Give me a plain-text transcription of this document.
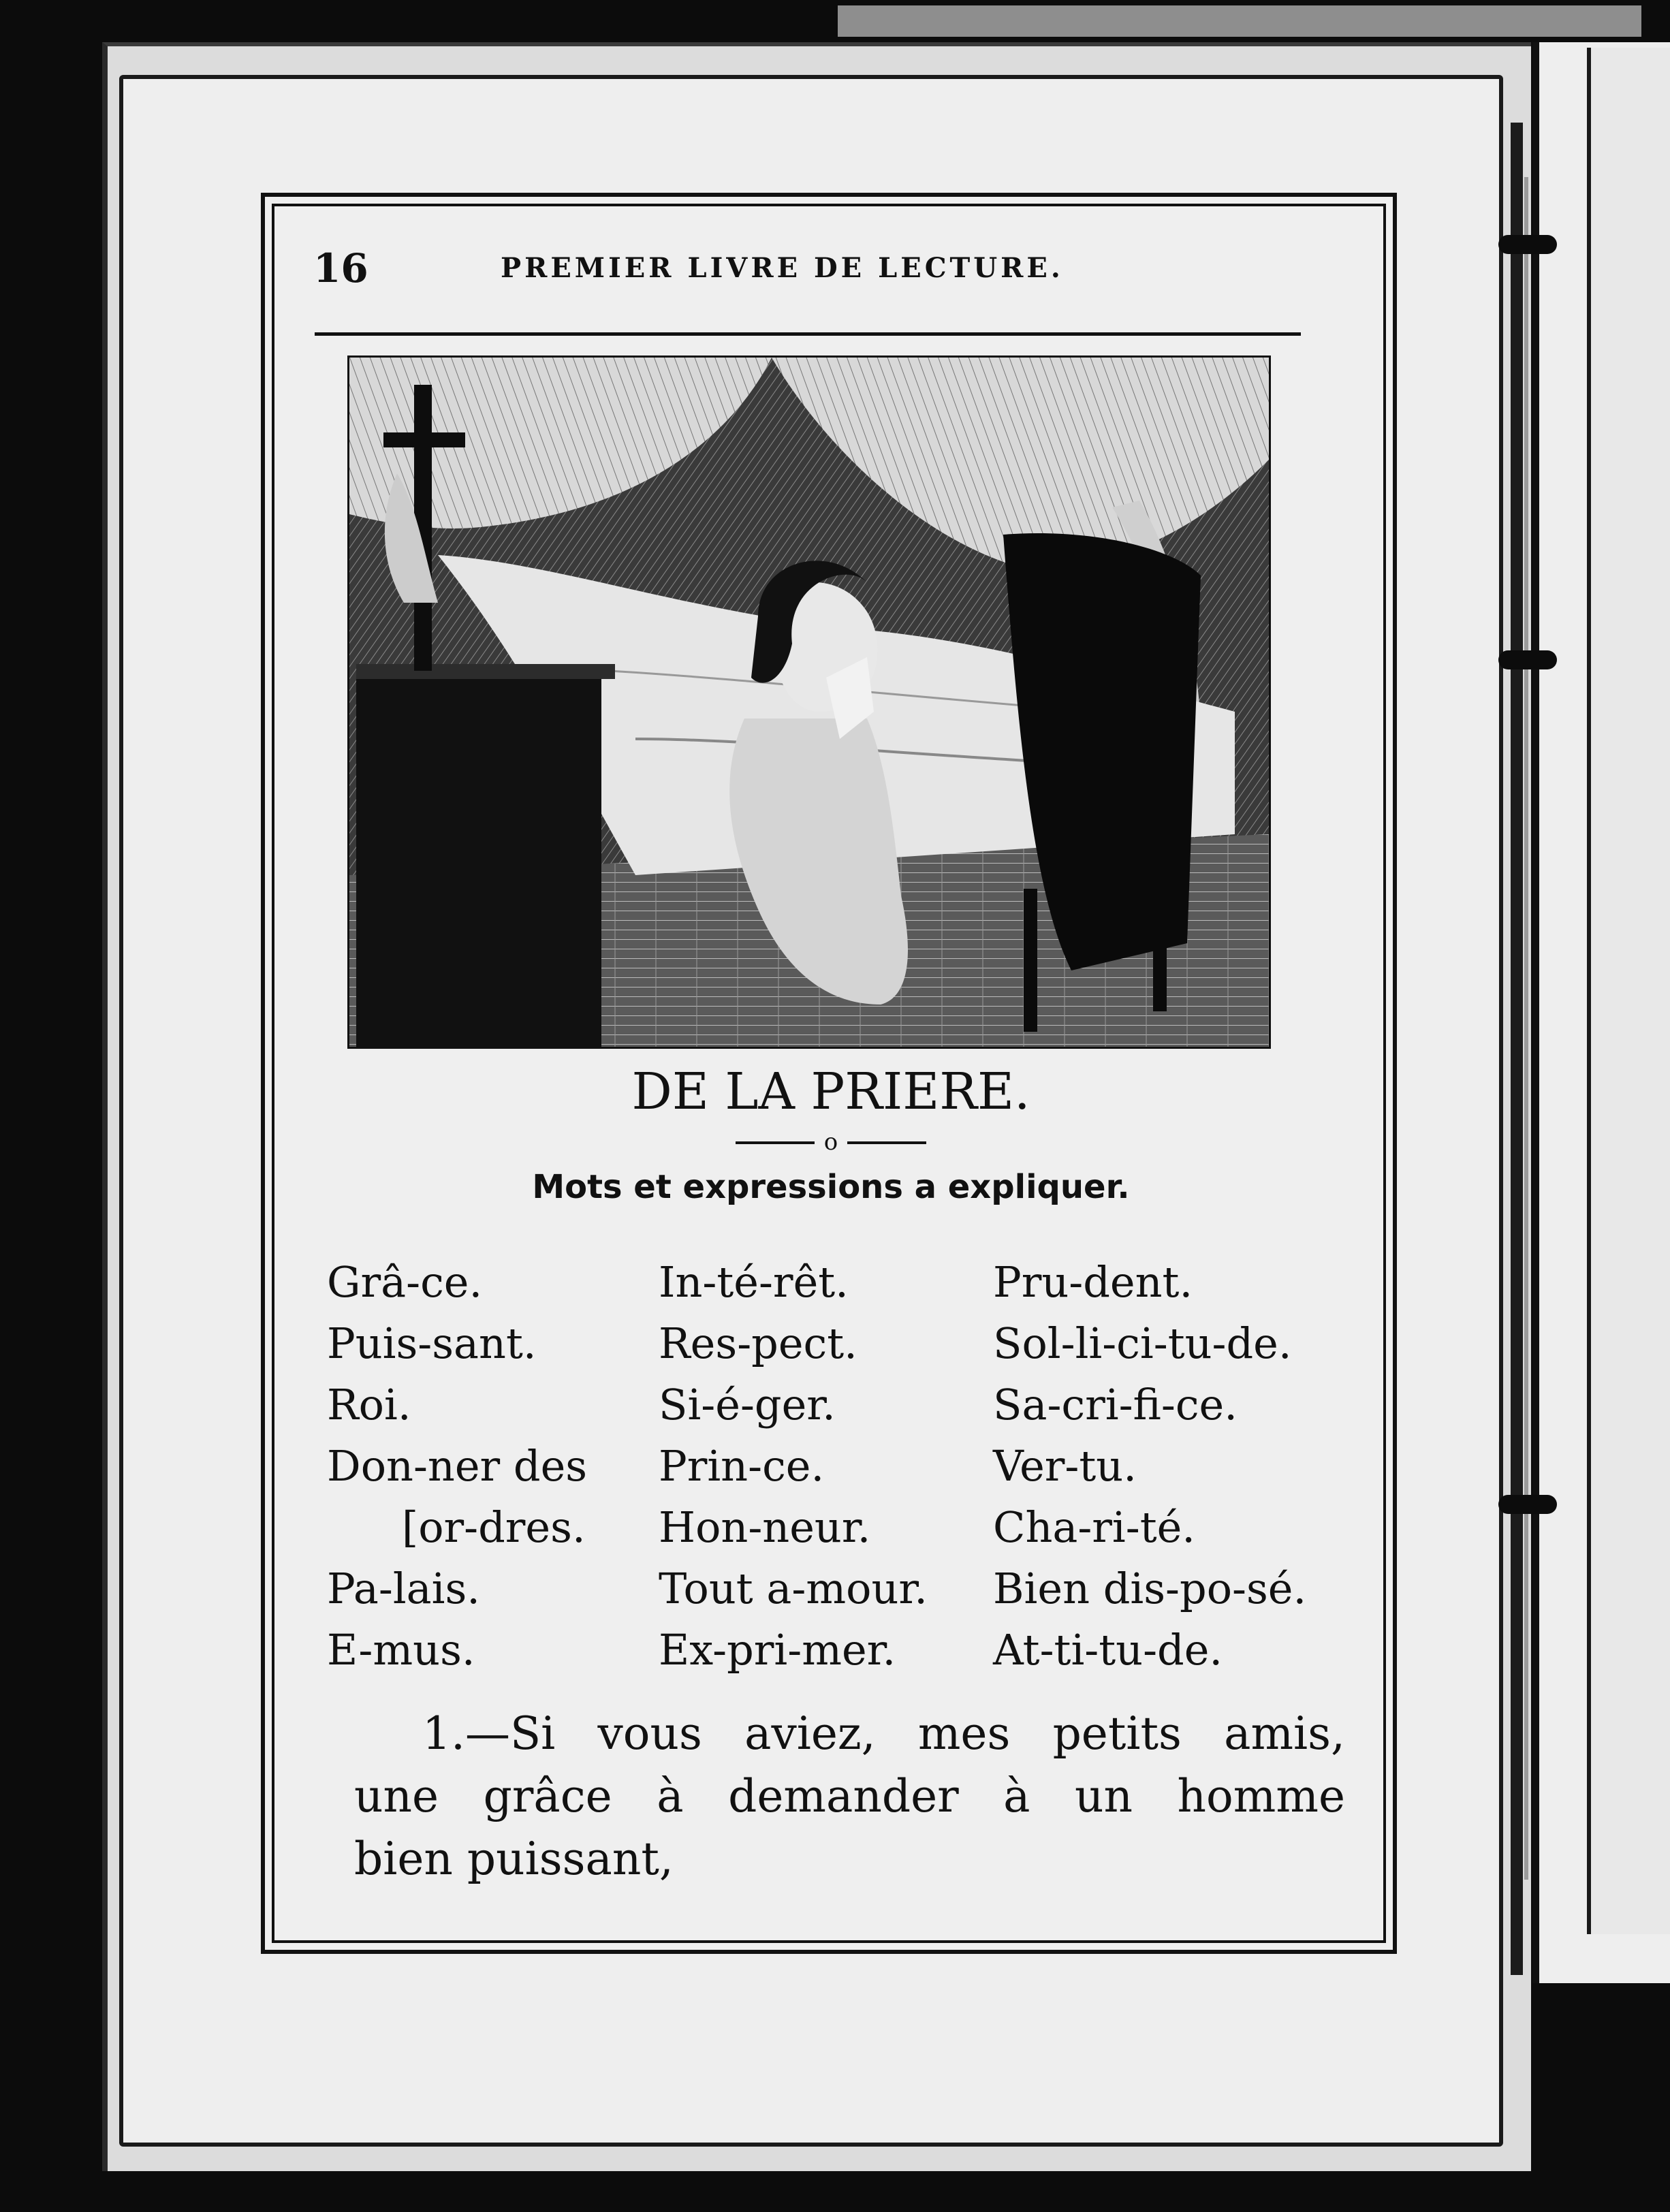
16	PREMIER LIVRE DE LECTURE.
DE LA PRIERE.
o
Mots et expressions a expliquer.
Grâ-ce.
Puis-sant.
Roi.
Don-ner des
[or-dres.
Pa-lais.
E-mus.
In-té-rêt.
Res-pect.
Si-é-ger.
Prin-ce.
Hon-neur.
Tout a-mour.
Ex-pri-mer.
Pru-dent.
Sol-li-ci-tu-de.
Sa-cri-fi-ce.
Ver-tu.
Cha-ri-té.
Bien dis-po-sé.
At-ti-tu-de.
1.—Si vous aviez, mes petits amis,
une grâce à demander à un homme
bien puissant,
